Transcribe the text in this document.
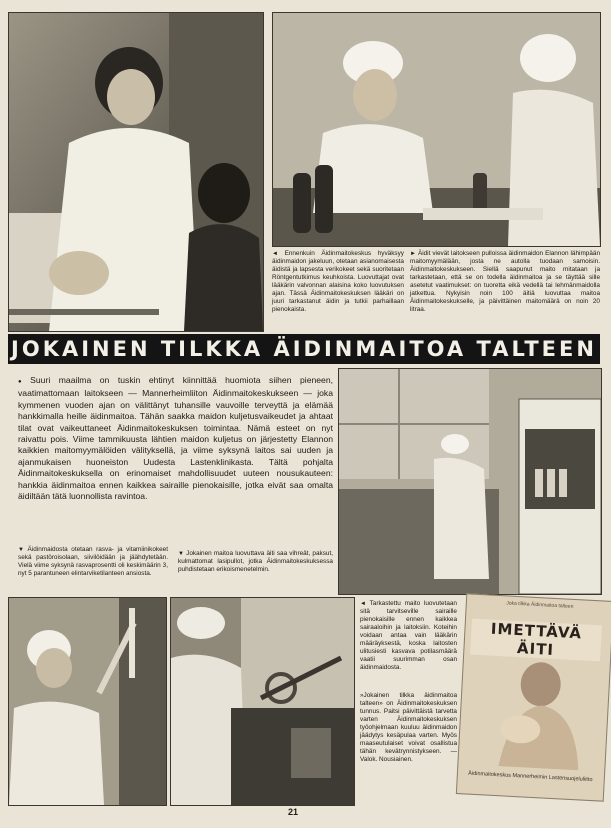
◄ Ennenkuin Äidinmaitokeskus hyväksyy äidinmaidon jakeluun, otetaan asianomaisesta äidistä ja lapsesta verikokeet sekä suoritetaan Röntgentutkimus keuhkoista. Luovuttajat ovat lääkärin valvonnan alaisina koko luovutuksen ajan. Tässä Äidinmaitokeskuksen lääkäri on juuri tarkastanut äidin ja tutkii parhaillaan pienokaista.
► Äidit vievät laitokseen pulloissa äidinmaidon Elannon lähimpään maitomyymälään, josta ne autolla tuodaan samoisin. Äidinmaitokeskukseen. Siellä saapunut maito mitataan ja tarkastetaan, että se on todella äidinmaitoa ja se täyttää sille asetetut vaatimukset: on tuoretta eikä vedellä tai lehmänmaidolla jatkettua. Nykyisin noin 100 äitiä luovuttaa maitoa Äidinmaitokeskukselle, ja päivittäinen maitomäärä on noin 20 litraa.
JOKAINEN TILKKA ÄIDINMAITOA TALTEEN
● Suuri maailma on tuskin ehtinyt kiinnittää huomiota siihen pieneen, vaatimattomaan laitokseen — Mannerheimliiton Äidinmaitokeskukseen — joka kymmenen vuoden ajan on välittänyt tuhansille vauvoille terveyttä ja elämää hankkimalla heille äidinmaitoa. Tähän saakka maidon kuljetusvaikeudet ja ahtaat tilat ovat vaikeuttaneet Äidinmaitokeskuksen toimintaa. Nämä esteet on nyt raivattu pois. Viime tammikuusta lähtien maidon kuljetus on järjestetty Elannon kaikkien maitomyymälöiden välityksellä, ja viime syksynä laitos sai uuden ja ajanmukaisen huoneiston Uudesta Lastenklinikasta. Tältä pohjalta Äidinmaitokeskuksella on erinomaiset mahdollisuudet uuteen nousukauteen: hankkia äidinmaitoa ennen kaikkea sairaille pienokaisille, jotka eivät saa omalta äidiltään tätä luonnollista ravintoa.
▼ Äidinmaidosta otetaan rasva- ja vitamiinikokeet sekä pastöroisolaan, siivilöidään ja jäähdytetään. Vielä viime syksynä rasvaprosentti oli keskimäärin 3, nyt 5 parantuneen elintarviketilanteen ansiosta.
▼ Jokainen maitoa luovuttava äiti saa vihreät, paksut, kulmattomat lasipullot, jotka Äidinmaitokeskuksessa puhdistetaan erikoismenetelmin.
◄ Tarkastettu maito luovutetaan sitä tarvitseville sairaille pienokaisille ennen kaikkea sairaaloihin ja laitoksiin. Koteihin voidaan antaa vain lääkärin määräyksestä, koska laitosten ulitusiesti kasvava potilasmäärä vaatii suurimman osan äidinmaidosta.
»Jokainen tilkka äidinmaitoa talteen» on Äidinmaitokeskuksen tunnus. Paitsi päivittäistä tarvetta varten Äidinmaitokeskuksen työohjelmaan kuuluu äidinmaidon jäädytys kesäpulaa varten. Myös maaseutulaiset voivat osallistua tähän kevätrynnistykseen. — Valok. Nousiainen.
Joka tilkka Äidinmaitoa talteen
IMETTÄVÄ ÄITI
Äidinmaitokeskus Mannerheimin Lastensuojeluliitto
21
